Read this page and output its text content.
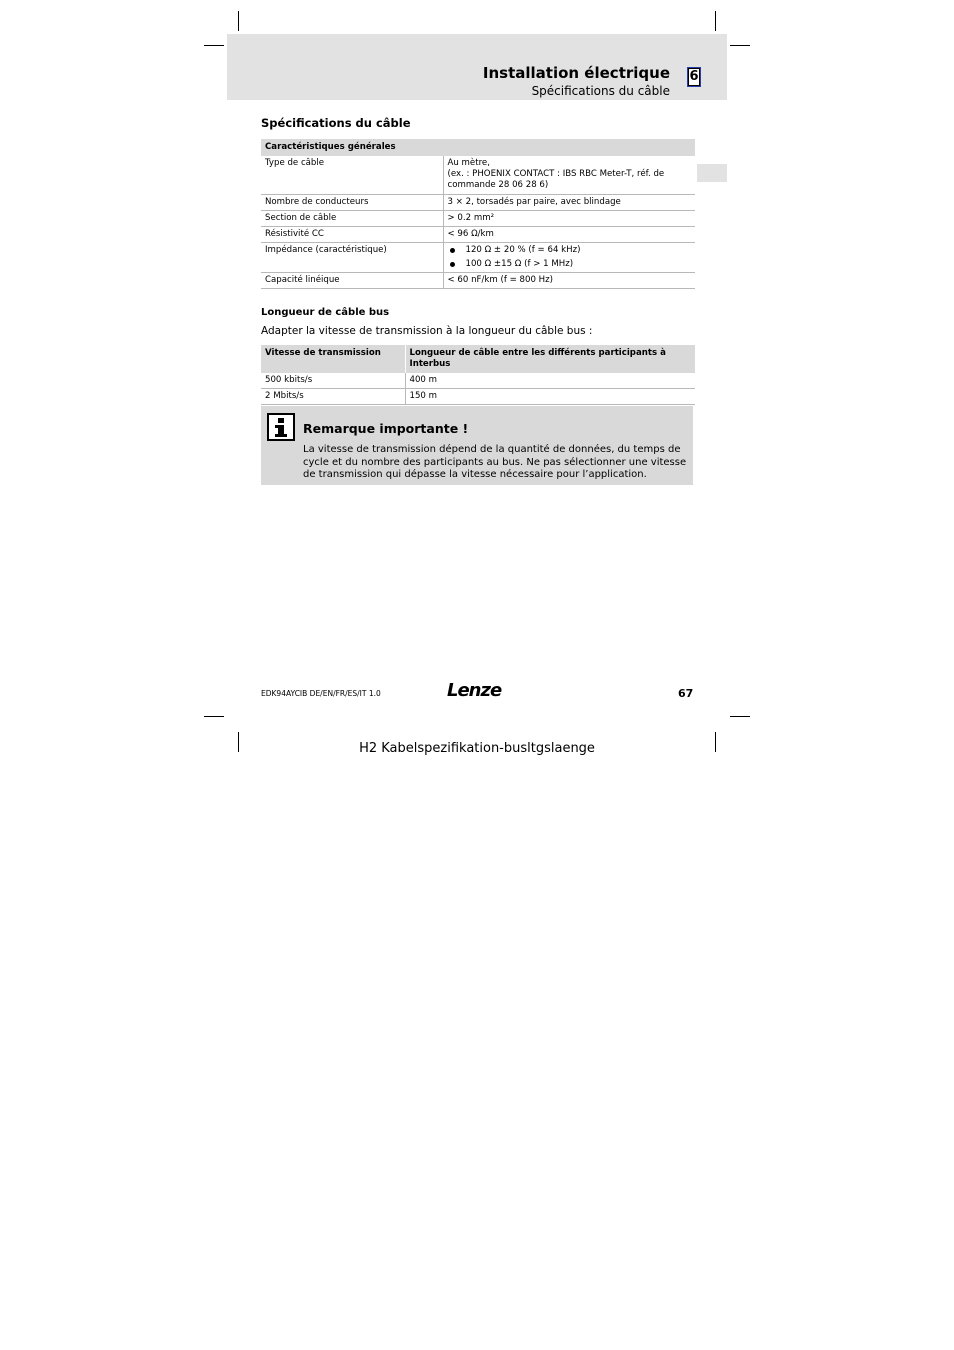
Installation électrique
Spécifications du câble
6
Spécifications du câble
Caractéristiques générales	
Type de câble	Au mètre,
(ex. : PHOENIX CONTACT : IBS RBC Meter-T, réf. de
commande 28 06 28 6)

Nombre de conducteurs	3 × 2, torsadés par paire, avec blindage
Section de câble	> 0.2 mm²
Résistivité CC	< 96 Ω/km
Impédance (caractéristique)	120 Ω ± 20 % (f = 64 kHz)
100 Ω ±15 Ω (f > 1 MHz)

Capacité linéique	< 60 nF/km (f = 800 Hz)
Longueur de câble bus
Adapter la vitesse de transmission à la longueur du câble bus :
Vitesse de transmission	Longueur de câble entre les différents participants à Interbus
500 kbits/s	400 m
2 Mbits/s	150 m
Remarque importante !
La vitesse de transmission dépend de la quantité de données, du temps de cycle et du nombre des participants au bus. Ne pas sélectionner une vitesse de transmission qui dépasse la vitesse nécessaire pour l’application.
EDK94AYCIB DE/EN/FR/ES/IT 1.0	Lenze	67
H2 Kabelspezifikation-busltgslaenge
